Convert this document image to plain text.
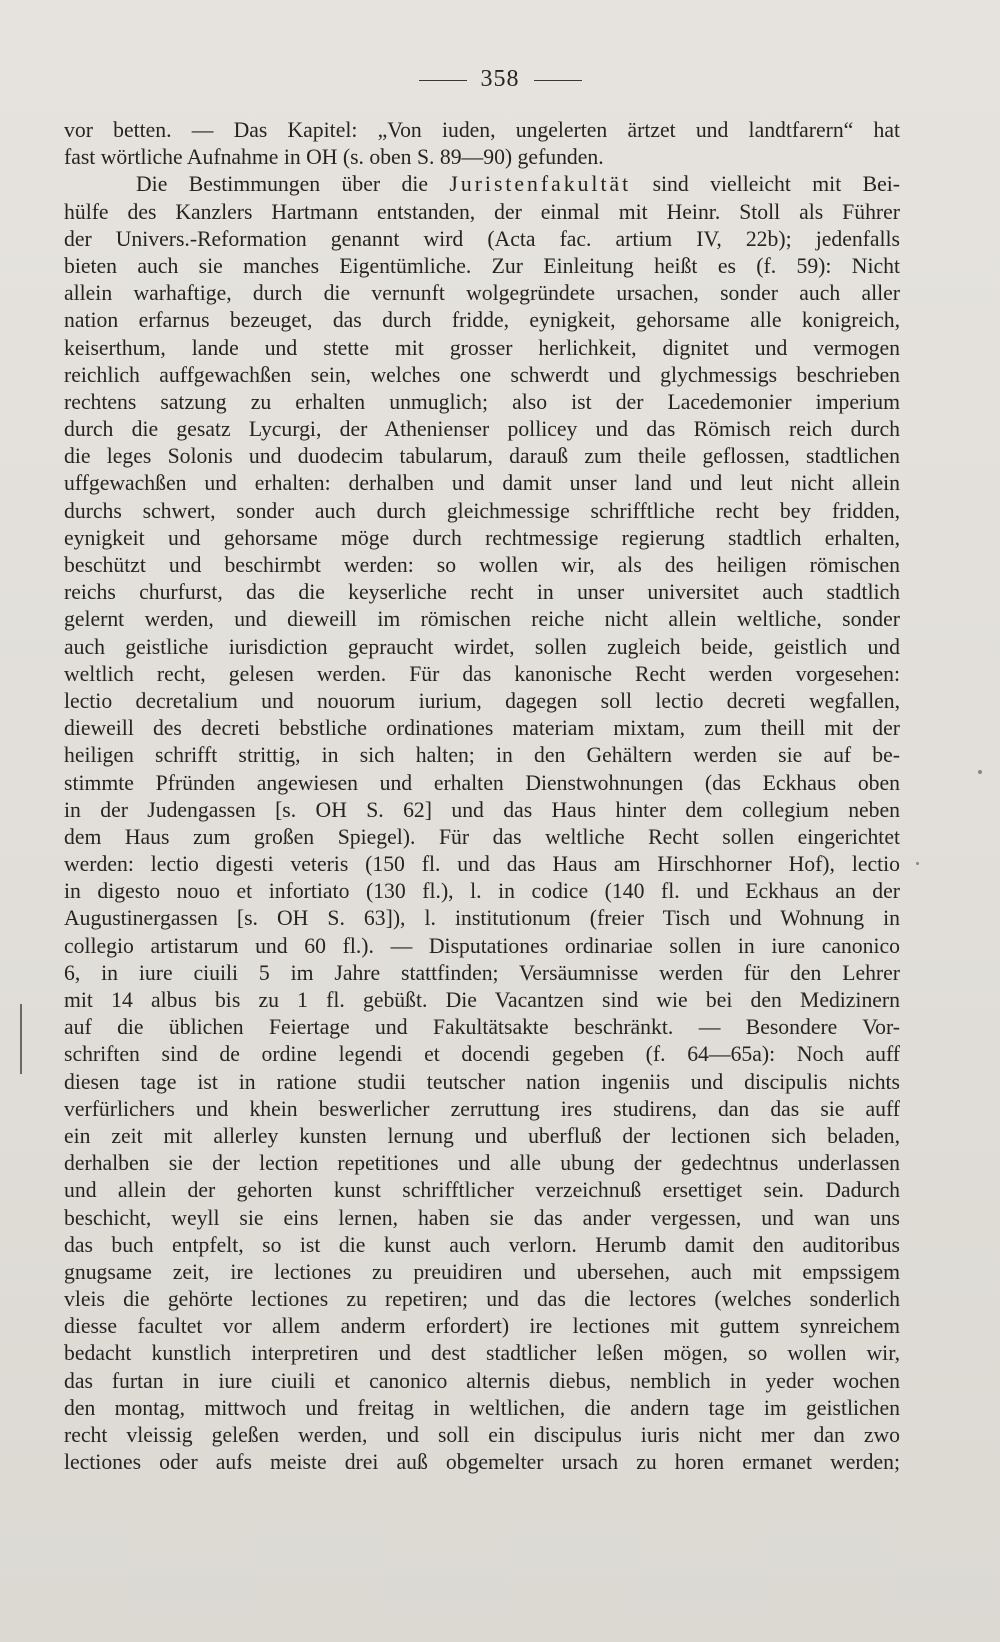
358
vor betten. — Das Kapitel: „Von iuden, ungelerten ärtzet und landtfarern“ hat
fast wörtliche Aufnahme in OH (s. oben S. 89—90) gefunden.
Die Bestimmungen über die Juristenfakultät sind vielleicht mit Bei-
hülfe des Kanzlers Hartmann entstanden, der einmal mit Heinr. Stoll als Führer
der Univers.-Reformation genannt wird (Acta fac. artium IV, 22b); jedenfalls
bieten auch sie manches Eigentümliche. Zur Einleitung heißt es (f. 59): Nicht
allein warhaftige, durch die vernunft wolgegründete ursachen, sonder auch aller
nation erfarnus bezeuget, das durch fridde, eynigkeit, gehorsame alle konigreich,
keiserthum, lande und stette mit grosser herlichkeit, dignitet und vermogen
reichlich auffgewachßen sein, welches one schwerdt und glychmessigs beschrieben
rechtens satzung zu erhalten unmuglich; also ist der Lacedemonier imperium
durch die gesatz Lycurgi, der Athenienser pollicey und das Römisch reich durch
die leges Solonis und duodecim tabularum, darauß zum theile geflossen, stadtlichen
uffgewachßen und erhalten: derhalben und damit unser land und leut nicht allein
durchs schwert, sonder auch durch gleichmessige schrifftliche recht bey fridden,
eynigkeit und gehorsame möge durch rechtmessige regierung stadtlich erhalten,
beschützt und beschirmbt werden: so wollen wir, als des heiligen römischen
reichs churfurst, das die keyserliche recht in unser universitet auch stadtlich
gelernt werden, und dieweill im römischen reiche nicht allein weltliche, sonder
auch geistliche iurisdiction gepraucht wirdet, sollen zugleich beide, geistlich und
weltlich recht, gelesen werden. Für das kanonische Recht werden vorgesehen:
lectio decretalium und nouorum iurium, dagegen soll lectio decreti wegfallen,
dieweill des decreti bebstliche ordinationes materiam mixtam, zum theill mit der
heiligen schrifft strittig, in sich halten; in den Gehältern werden sie auf be-
stimmte Pfründen angewiesen und erhalten Dienstwohnungen (das Eckhaus oben
in der Judengassen [s. OH S. 62] und das Haus hinter dem collegium neben
dem Haus zum großen Spiegel). Für das weltliche Recht sollen eingerichtet
werden: lectio digesti veteris (150 fl. und das Haus am Hirschhorner Hof), lectio
in digesto nouo et infortiato (130 fl.), l. in codice (140 fl. und Eckhaus an der
Augustinergassen [s. OH S. 63]), l. institutionum (freier Tisch und Wohnung in
collegio artistarum und 60 fl.). — Disputationes ordinariae sollen in iure canonico
6, in iure ciuili 5 im Jahre stattfinden; Versäumnisse werden für den Lehrer
mit 14 albus bis zu 1 fl. gebüßt. Die Vacantzen sind wie bei den Medizinern
auf die üblichen Feiertage und Fakultätsakte beschränkt. — Besondere Vor-
schriften sind de ordine legendi et docendi gegeben (f. 64—65a): Noch auff
diesen tage ist in ratione studii teutscher nation ingeniis und discipulis nichts
verfürlichers und khein beswerlicher zerruttung ires studirens, dan das sie auff
ein zeit mit allerley kunsten lernung und uberfluß der lectionen sich beladen,
derhalben sie der lection repetitiones und alle ubung der gedechtnus underlassen
und allein der gehorten kunst schrifftlicher verzeichnuß ersettiget sein. Dadurch
beschicht, weyll sie eins lernen, haben sie das ander vergessen, und wan uns
das buch entpfelt, so ist die kunst auch verlorn. Herumb damit den auditoribus
gnugsame zeit, ire lectiones zu preuidiren und ubersehen, auch mit empssigem
vleis die gehörte lectiones zu repetiren; und das die lectores (welches sonderlich
diesse facultet vor allem anderm erfordert) ire lectiones mit guttem synreichem
bedacht kunstlich interpretiren und dest stadtlicher leßen mögen, so wollen wir,
das furtan in iure ciuili et canonico alternis diebus, nemblich in yeder wochen
den montag, mittwoch und freitag in weltlichen, die andern tage im geistlichen
recht vleissig geleßen werden, und soll ein discipulus iuris nicht mer dan zwo
lectiones oder aufs meiste drei auß obgemelter ursach zu horen ermanet werden;
